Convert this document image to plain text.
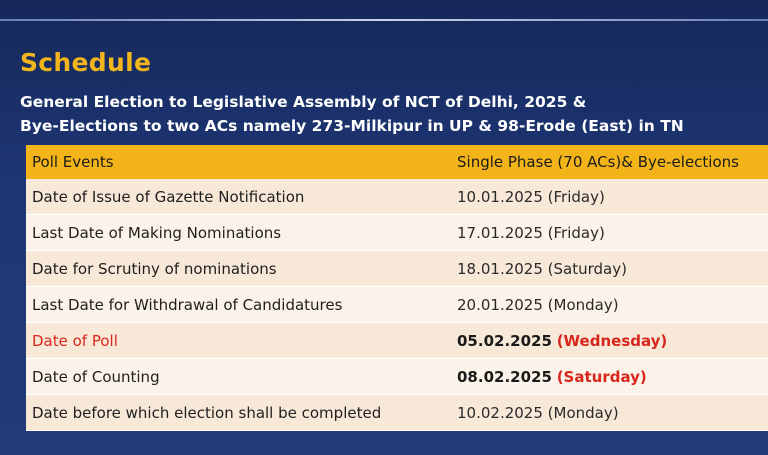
Schedule
General Election to Legislative Assembly of NCT of Delhi, 2025 &
Bye-Elections to two ACs namely 273-Milkipur in UP & 98-Erode (East) in TN
Poll Events	Single Phase (70 ACs)& Bye-elections
Date of Issue of Gazette Notification	10.01.2025 (Friday)
Last Date of Making Nominations	17.01.2025 (Friday)
Date for Scrutiny of nominations	18.01.2025 (Saturday)
Last Date for Withdrawal of Candidatures	20.01.2025 (Monday)
Date of Poll	05.02.2025 (Wednesday)
Date of Counting	08.02.2025 (Saturday)
Date before which election shall be completed	10.02.2025 (Monday)
